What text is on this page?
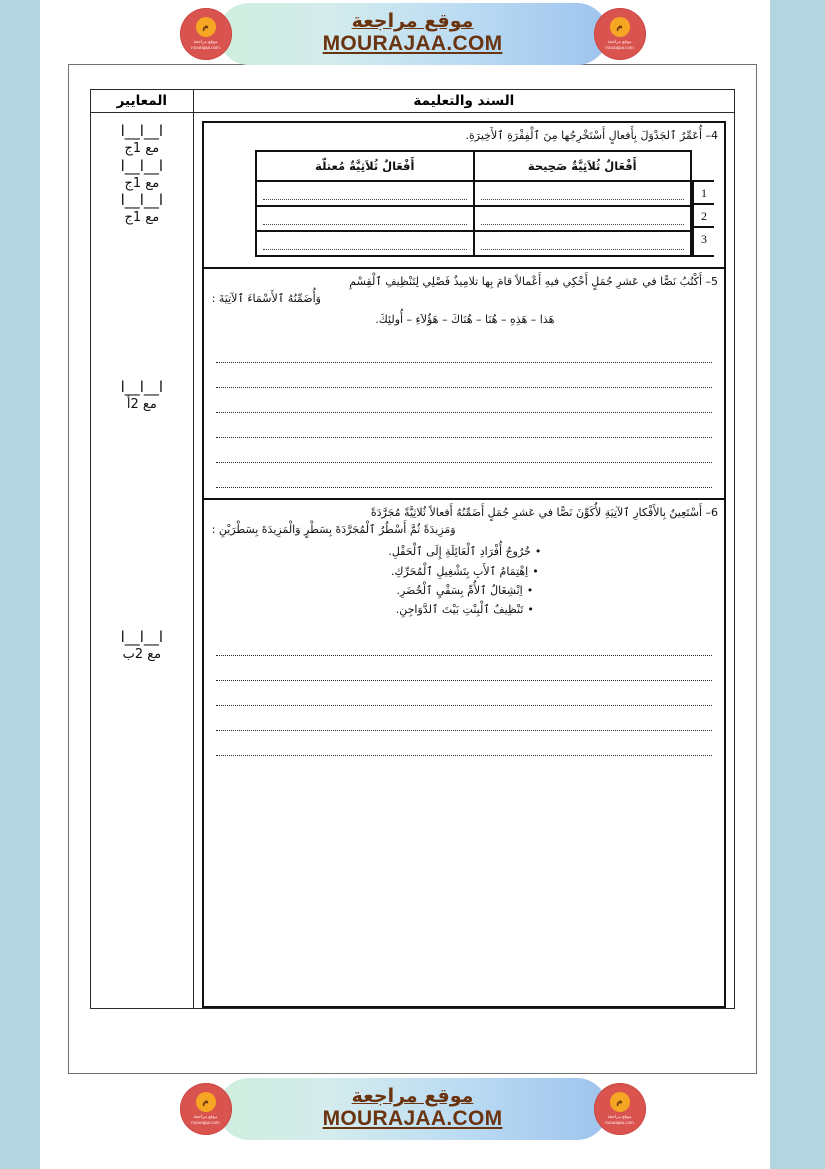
م
موقع مراجعة
mourajaa.com
موقع مراجعة
MOURAJAA.COM
م
موقع مراجعة
mourajaa.com
السند والتعليمة
4– أُعَمِّرُ ٱلجَدْوَلَ بِأَفعالٍ أَسْتَخْرِجُها مِنَ ٱلْفِقْرَةِ ٱلأَخِيرَةِ.
1
2
3
أَفْعَالٌ ثُلاَثِيَّةٌ صَحِيحة	أَفْعَالٌ ثُلاَثِيَّةٌ مُعتلّة

5– أَكْتُبُ نَصًّا في عَشرِ جُمَلٍ أَحْكِي فيهِ أَعْمالاً قامَ بِها تلامِيذُ فَصْلِي لِتَنْظِيفِ ٱلْقِسْمِ
وَأُضَمِّنُهُ ٱلأَسْمَاءَ ٱلآتِيَةَ :
هَذا – هَذِهِ – هُنَا – هُنَاكَ – هَؤُلاَءِ – أُولئِكَ.
6– أَسْتَعِينُ بِالأَفْكارِ ٱلآتِيَةِ لأُكَوِّنَ نَصًّا في عَشرِ جُمَلٍ أَضَمِّنُهُ أَفعالاً ثُلاثِيَّةً مُجَرَّدَةً
وَمَزِيدَةً ثُمَّ أَسْطُرُ ٱلْمُجَرَّدَةَ بِسَطْرٍ وَالْمَزِيدَةَ بِسَطْرَيْنِ :
•خُرُوجُ أُفْرَادِ ٱلْعَائِلَةِ إِلَى ٱلْحَقْلِ.
•اِهْتِمَامُ ٱلأَبِ بِتَشْغِيلِ ٱلْمُحَرِّكِ.
•اِنْشِغَالُ ٱلأُمِّ بِسَقْيِ ٱلْخُضَرِ.
•تَنْظِيفُ ٱلْبِنْتِ بَيْتَ ٱلدَّوَاجِنِ.
المعايير
ا__ا__ا
مع 1ج
ا__ا__ا
مع 1ج
ا__ا__ا
مع 1ج
ا__ا__ا
مع 2أ
ا__ا__ا
مع 2ب
م
موقع مراجعة
mourajaa.com
موقع مراجعة
MOURAJAA.COM
م
موقع مراجعة
mourajaa.com
